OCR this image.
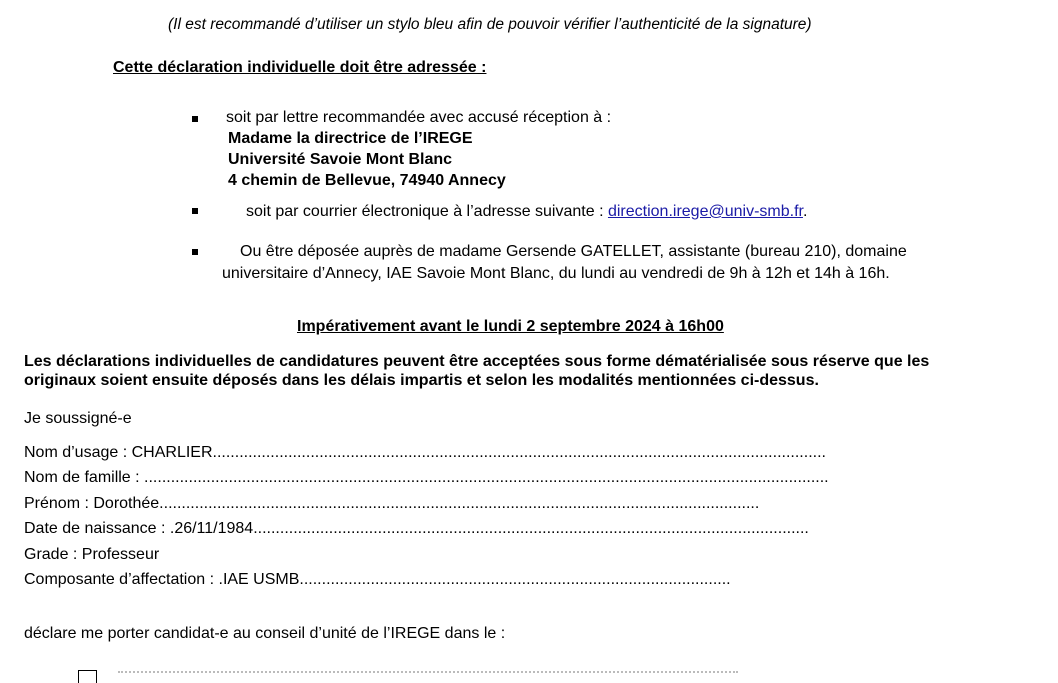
(Il est recommandé d’utiliser un stylo bleu afin de pouvoir vérifier l’authenticité de la signature)
Cette déclaration individuelle doit être adressée :
soit par lettre recommandée avec accusé réception à :
Madame la directrice de l’IREGE
Université Savoie Mont Blanc
4 chemin de Bellevue, 74940 Annecy
soit par courrier électronique à l’adresse suivante : direction.irege@univ-smb.fr.
Ou être déposée auprès de madame Gersende GATELLET, assistante (bureau 210), domaine
universitaire d’Annecy, IAE Savoie Mont Blanc, du lundi au vendredi de 9h à 12h et 14h à 16h.
Impérativement avant le lundi 2 septembre 2024 à 16h00
Les déclarations individuelles de candidatures peuvent être acceptées sous forme dématérialisée sous réserve que les
originaux soient ensuite déposés dans les délais impartis et selon les modalités mentionnées ci-dessus.
Je soussigné-e
Nom d’usage : CHARLIER..........................................................................................................................................
Nom de famille : ..........................................................................................................................................................
Prénom : Dorothée.......................................................................................................................................
Date de naissance : .26/11/1984.............................................................................................................................
Grade : Professeur
Composante d’affectation : .IAE USMB.................................................................................................
déclare me porter candidat-e au conseil d’unité de l’IREGE dans le :
